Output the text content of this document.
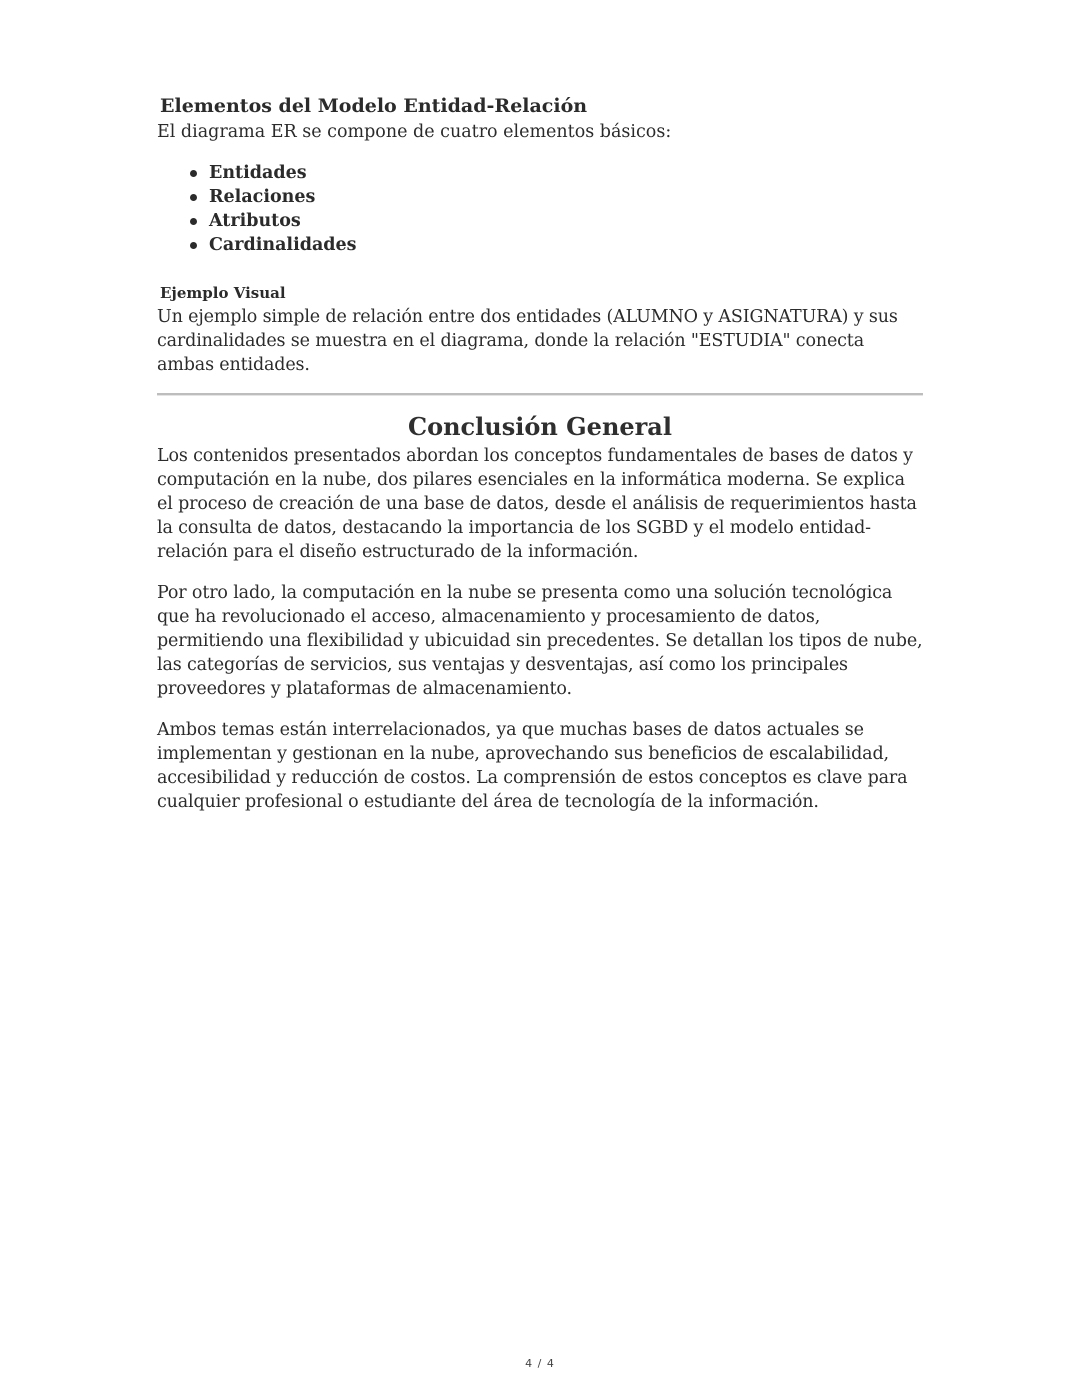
Elementos del Modelo Entidad-Relación

El diagrama ER se compone de cuatro elementos básicos:

Entidades
Relaciones
Atributos
Cardinalidades
Ejemplo Visual

Un ejemplo simple de relación entre dos entidades (ALUMNO y ASIGNATURA) y sus cardinalidades se muestra en el diagrama, donde la relación "ESTUDIA" conecta ambas entidades.

Conclusión General

Los contenidos presentados abordan los conceptos fundamentales de bases de datos y computación en la nube, dos pilares esenciales en la informática moderna. Se explica el proceso de creación de una base de datos, desde el análisis de requerimientos hasta la consulta de datos, destacando la importancia de los SGBD y el modelo entidad-relación para el diseño estructurado de la información.

Por otro lado, la computación en la nube se presenta como una solución tecnológica que ha revolucionado el acceso, almacenamiento y procesamiento de datos, permitiendo una flexibilidad y ubicuidad sin precedentes. Se detallan los tipos de nube, las categorías de servicios, sus ventajas y desventajas, así como los principales proveedores y plataformas de almacenamiento.

Ambos temas están interrelacionados, ya que muchas bases de datos actuales se implementan y gestionan en la nube, aprovechando sus beneficios de escalabilidad, accesibilidad y reducción de costos. La comprensión de estos conceptos es clave para cualquier profesional o estudiante del área de tecnología de la información.

4 / 4
